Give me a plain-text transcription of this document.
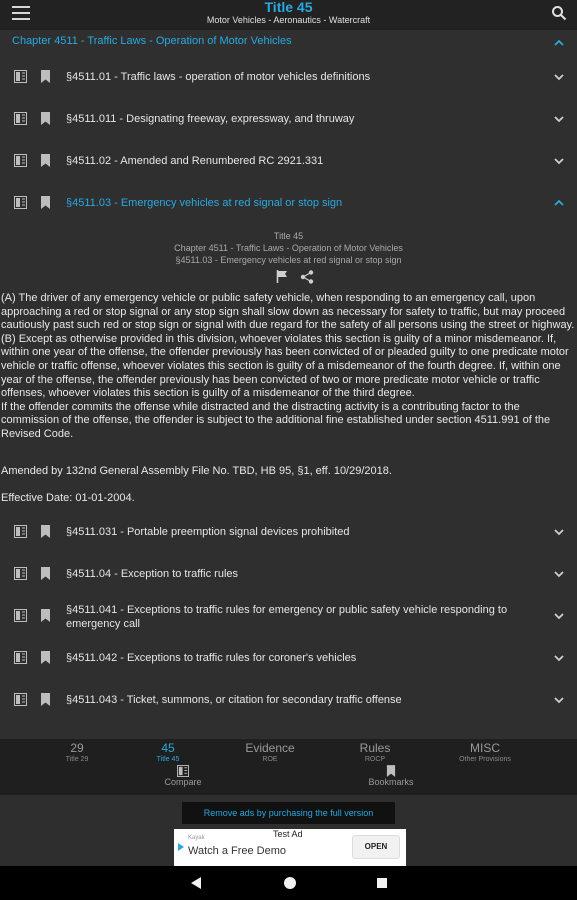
Title 45
Motor Vehicles - Aeronautics - Watercraft
Chapter 4511 - Traffic Laws - Operation of Motor Vehicles
§4511.01 - Traffic laws - operation of motor vehicles definitions
§4511.011 - Designating freeway, expressway, and thruway
§4511.02 - Amended and Renumbered RC 2921.331
§4511.03 - Emergency vehicles at red signal or stop sign
Title 45
Chapter 4511 - Traffic Laws - Operation of Motor Vehicles
§4511.03 - Emergency vehicles at red signal or stop sign

(A) The driver of any emergency vehicle or public safety vehicle, when responding to an emergency call, upon approaching a red or stop signal or any stop sign shall slow down as necessary for safety to traffic, but may proceed cautiously past such red or stop sign or signal with due regard for the safety of all persons using the street or highway.

(B) Except as otherwise provided in this division, whoever violates this section is guilty of a minor misdemeanor. If, within one year of the offense, the offender previously has been convicted of or pleaded guilty to one predicate motor vehicle or traffic offense, whoever violates this section is guilty of a misdemeanor of the fourth degree. If, within one year of the offense, the offender previously has been convicted of two or more predicate motor vehicle or traffic offenses, whoever violates this section is guilty of a misdemeanor of the third degree.

If the offender commits the offense while distracted and the distracting activity is a contributing factor to the commission of the offense, the offender is subject to the additional fine established under section 4511.991 of the Revised Code.

Amended by 132nd General Assembly File No. TBD, HB 95, §1, eff. 10/29/2018.
Effective Date: 01-01-2004.
§4511.031 - Portable preemption signal devices prohibited
§4511.04 - Exception to traffic rules
§4511.041 - Exceptions to traffic rules for emergency or public safety vehicle responding to emergency call
§4511.042 - Exceptions to traffic rules for coroner's vehicles
§4511.043 - Ticket, summons, or citation for secondary traffic offense
29
Title 29
45
Title 45
Evidence
ROE
Rules
ROCP
MISC
Other Provisions
Compare	Bookmarks
Remove ads by purchasing the full version
Test Ad
Kayak
Watch a Free Demo	OPEN
